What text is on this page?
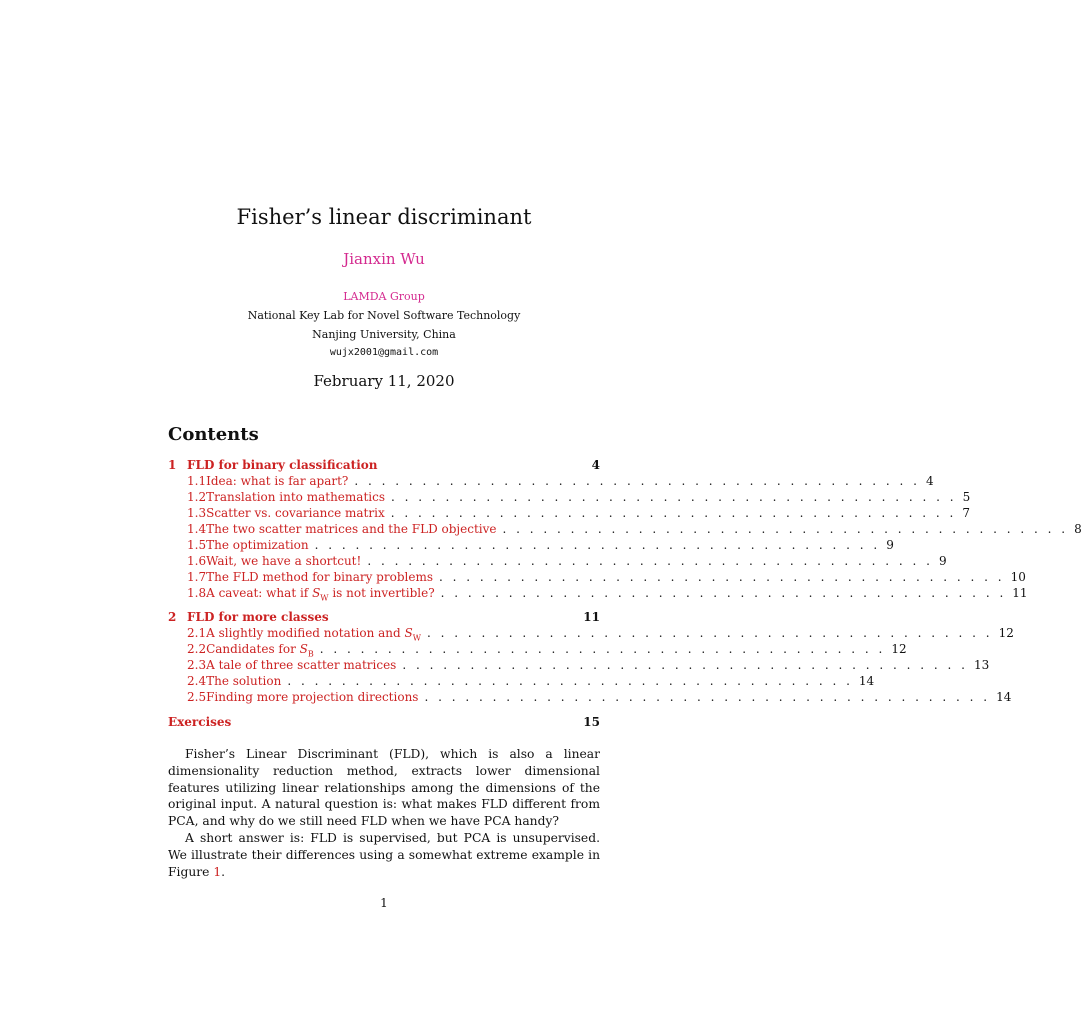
Fisher’s linear discriminant
Jianxin Wu
LAMDA Group
National Key Lab for Novel Software Technology
Nanjing University, China
wujx2001@gmail.com
February 11, 2020
Contents
1 FLD for binary classification	4
1.1 Idea: what is far apart? . . . . . . . . . . . . . . . . . . . . . . . . . . . . . . . . . . . . . . . . . . 4
1.2 Translation into mathematics . . . . . . . . . . . . . . . . . . . . . . . . . . . . . . . . . . . . . . . . . . 5
1.3 Scatter vs. covariance matrix . . . . . . . . . . . . . . . . . . . . . . . . . . . . . . . . . . . . . . . . . . 7
1.4 The two scatter matrices and the FLD objective . . . . . . . . . . . . . . . . . . . . . . . . . . . . . . . . . . . . . . . . . . 8
1.5 The optimization . . . . . . . . . . . . . . . . . . . . . . . . . . . . . . . . . . . . . . . . . . 9
1.6 Wait, we have a shortcut! . . . . . . . . . . . . . . . . . . . . . . . . . . . . . . . . . . . . . . . . . . 9
1.7 The FLD method for binary problems . . . . . . . . . . . . . . . . . . . . . . . . . . . . . . . . . . . . . . . . . . 10
1.8 A caveat: what if $S_W$ is not invertible? . . . . . . . . . . . . . . . . . . . . . . . . . . . . . . . . . . . . . . . . . . 11
2 FLD for more classes	11
2.1 A slightly modified notation and $S_W$ . . . . . . . . . . . . . . . . . . . . . . . . . . . . . . . . . . . . . . . . . . 12
2.2 Candidates for $S_B$ . . . . . . . . . . . . . . . . . . . . . . . . . . . . . . . . . . . . . . . . . . 12
2.3 A tale of three scatter matrices . . . . . . . . . . . . . . . . . . . . . . . . . . . . . . . . . . . . . . . . . . 13
2.4 The solution . . . . . . . . . . . . . . . . . . . . . . . . . . . . . . . . . . . . . . . . . . 14
2.5 Finding more projection directions . . . . . . . . . . . . . . . . . . . . . . . . . . . . . . . . . . . . . . . . . . 14
Exercises	15

Fisher’s Linear Discriminant (FLD), which is also a linear dimensionality reduction method, extracts lower dimensional features utilizing linear relationships among the dimensions of the original input. A natural question is: what makes FLD different from PCA, and why do we still need FLD when we have PCA handy?

A short answer is: FLD is supervised, but PCA is unsupervised. We illustrate their differences using a somewhat extreme example in Figure 1.

1
